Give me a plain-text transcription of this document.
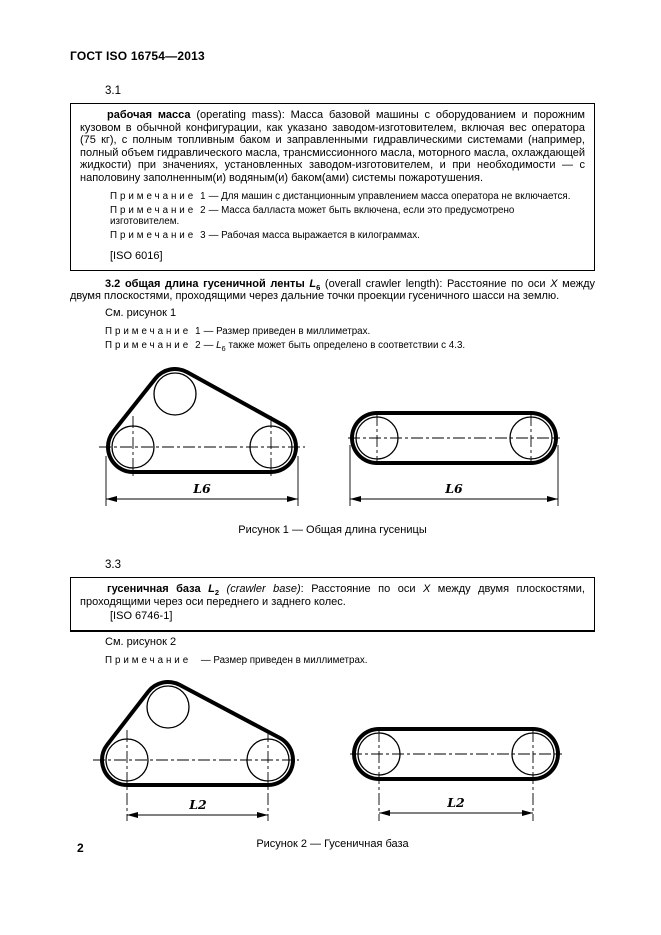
ГОСТ ISO 16754—2013
3.1

рабочая масса (operating mass): Масса базовой машины с оборудованием и порожним кузовом в обычной конфигурации, как указано заводом-изготовителем, включая вес оператора (75 кг), с полным топливным баком и заправленными гидравлическими системами (например, полный объем гидравлического масла, трансмиссионного масла, моторного масла, охлаждающей жидкости) при значениях, установленных заводом-изготовителем, и при необходимости — с наполовину заполненным(и) водяным(и) баком(ами) системы пожаротушения.

Примечание 1 — Для машин с дистанционным управлением масса оператора не включается.

Примечание 2 — Масса балласта может быть включена, если это предусмотрено изготовителем.

Примечание 3 — Рабочая масса выражается в килограммах.

[ISO 6016]

3.2 общая длина гусеничной ленты $L_6$ (overall crawler length): Расстояние по оси X между двумя плоскостями, проходящими через дальние точки проекции гусеничного шасси на землю.

См. рисунок 1

Примечание 1 — Размер приведен в миллиметрах.

Примечание 2 — $L_6$ также может быть определено в соответствии с 4.3.

L6	L6

Рисунок 1 — Общая длина гусеницы

3.3

гусеничная база $L_2$ (crawler base): Расстояние по оси X между двумя плоскостями, проходящими через оси переднего и заднего колес.

[ISO 6746-1]

См. рисунок 2

Примечание — Размер приведен в миллиметрах.

L2	L2

Рисунок 2 — Гусеничная база

2
